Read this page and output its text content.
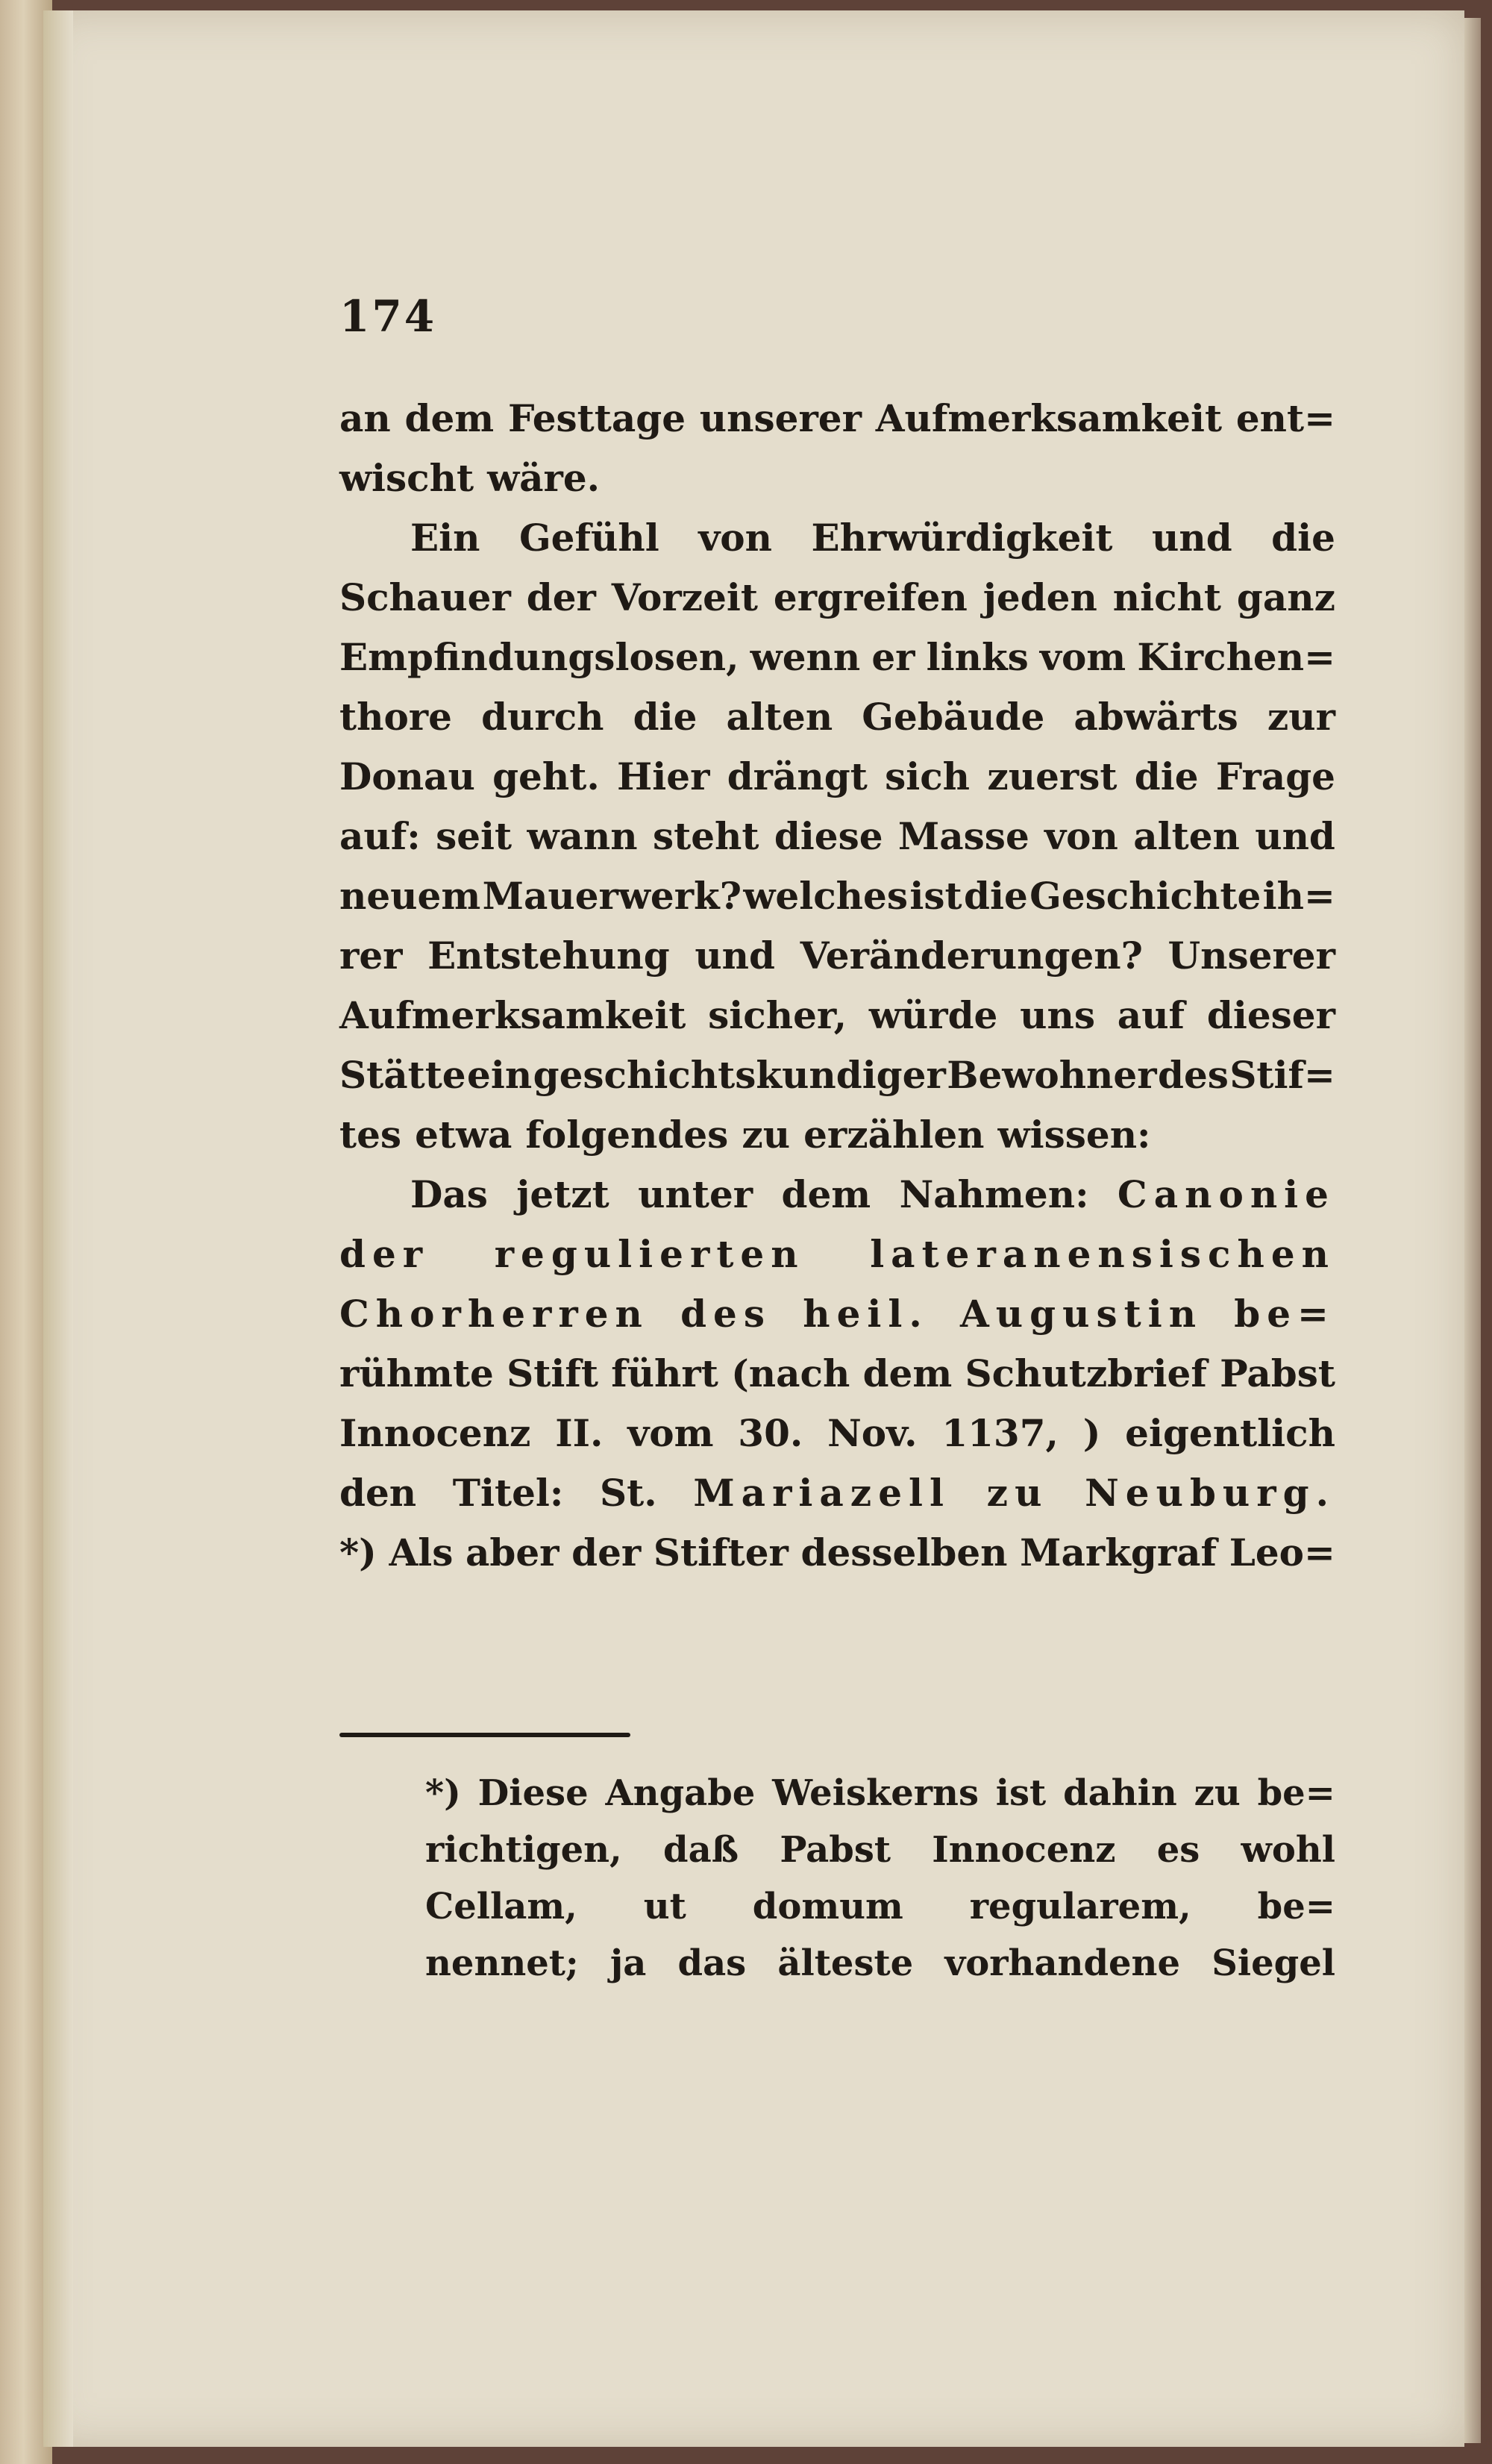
174
an dem Festtage unserer Aufmerksamkeit ent=
wischt wäre.
Ein Gefühl von Ehrwürdigkeit und die
Schauer der Vorzeit ergreifen jeden nicht ganz
Empfindungslosen, wenn er links vom Kirchen=
thore durch die alten Gebäude abwärts zur
Donau geht. Hier drängt sich zuerst die Frage
auf: seit wann steht diese Masse von alten und
neuem Mauerwerk? welches ist die Geschichte ih=
rer Entstehung und Veränderungen? Unserer
Aufmerksamkeit sicher, würde uns auf dieser
Stätte ein geschichtskundiger Bewohner des Stif=
tes etwa folgendes zu erzählen wissen:
Das jetzt unter dem Nahmen: Canonie
der regulierten lateranensischen
Chorherren des heil. Augustin be=
rühmte Stift führt (nach dem Schutzbrief Pabst
Innocenz II. vom 30. Nov. 1137, ) eigentlich
den Titel: St. Mariazell zu Neuburg.
*) Als aber der Stifter desselben Markgraf Leo=
*) Diese Angabe Weiskerns ist dahin zu be=
richtigen, daß Pabst Innocenz es wohl
Cellam, ut domum regularem, be=
nennet; ja das älteste vorhandene Siegel
